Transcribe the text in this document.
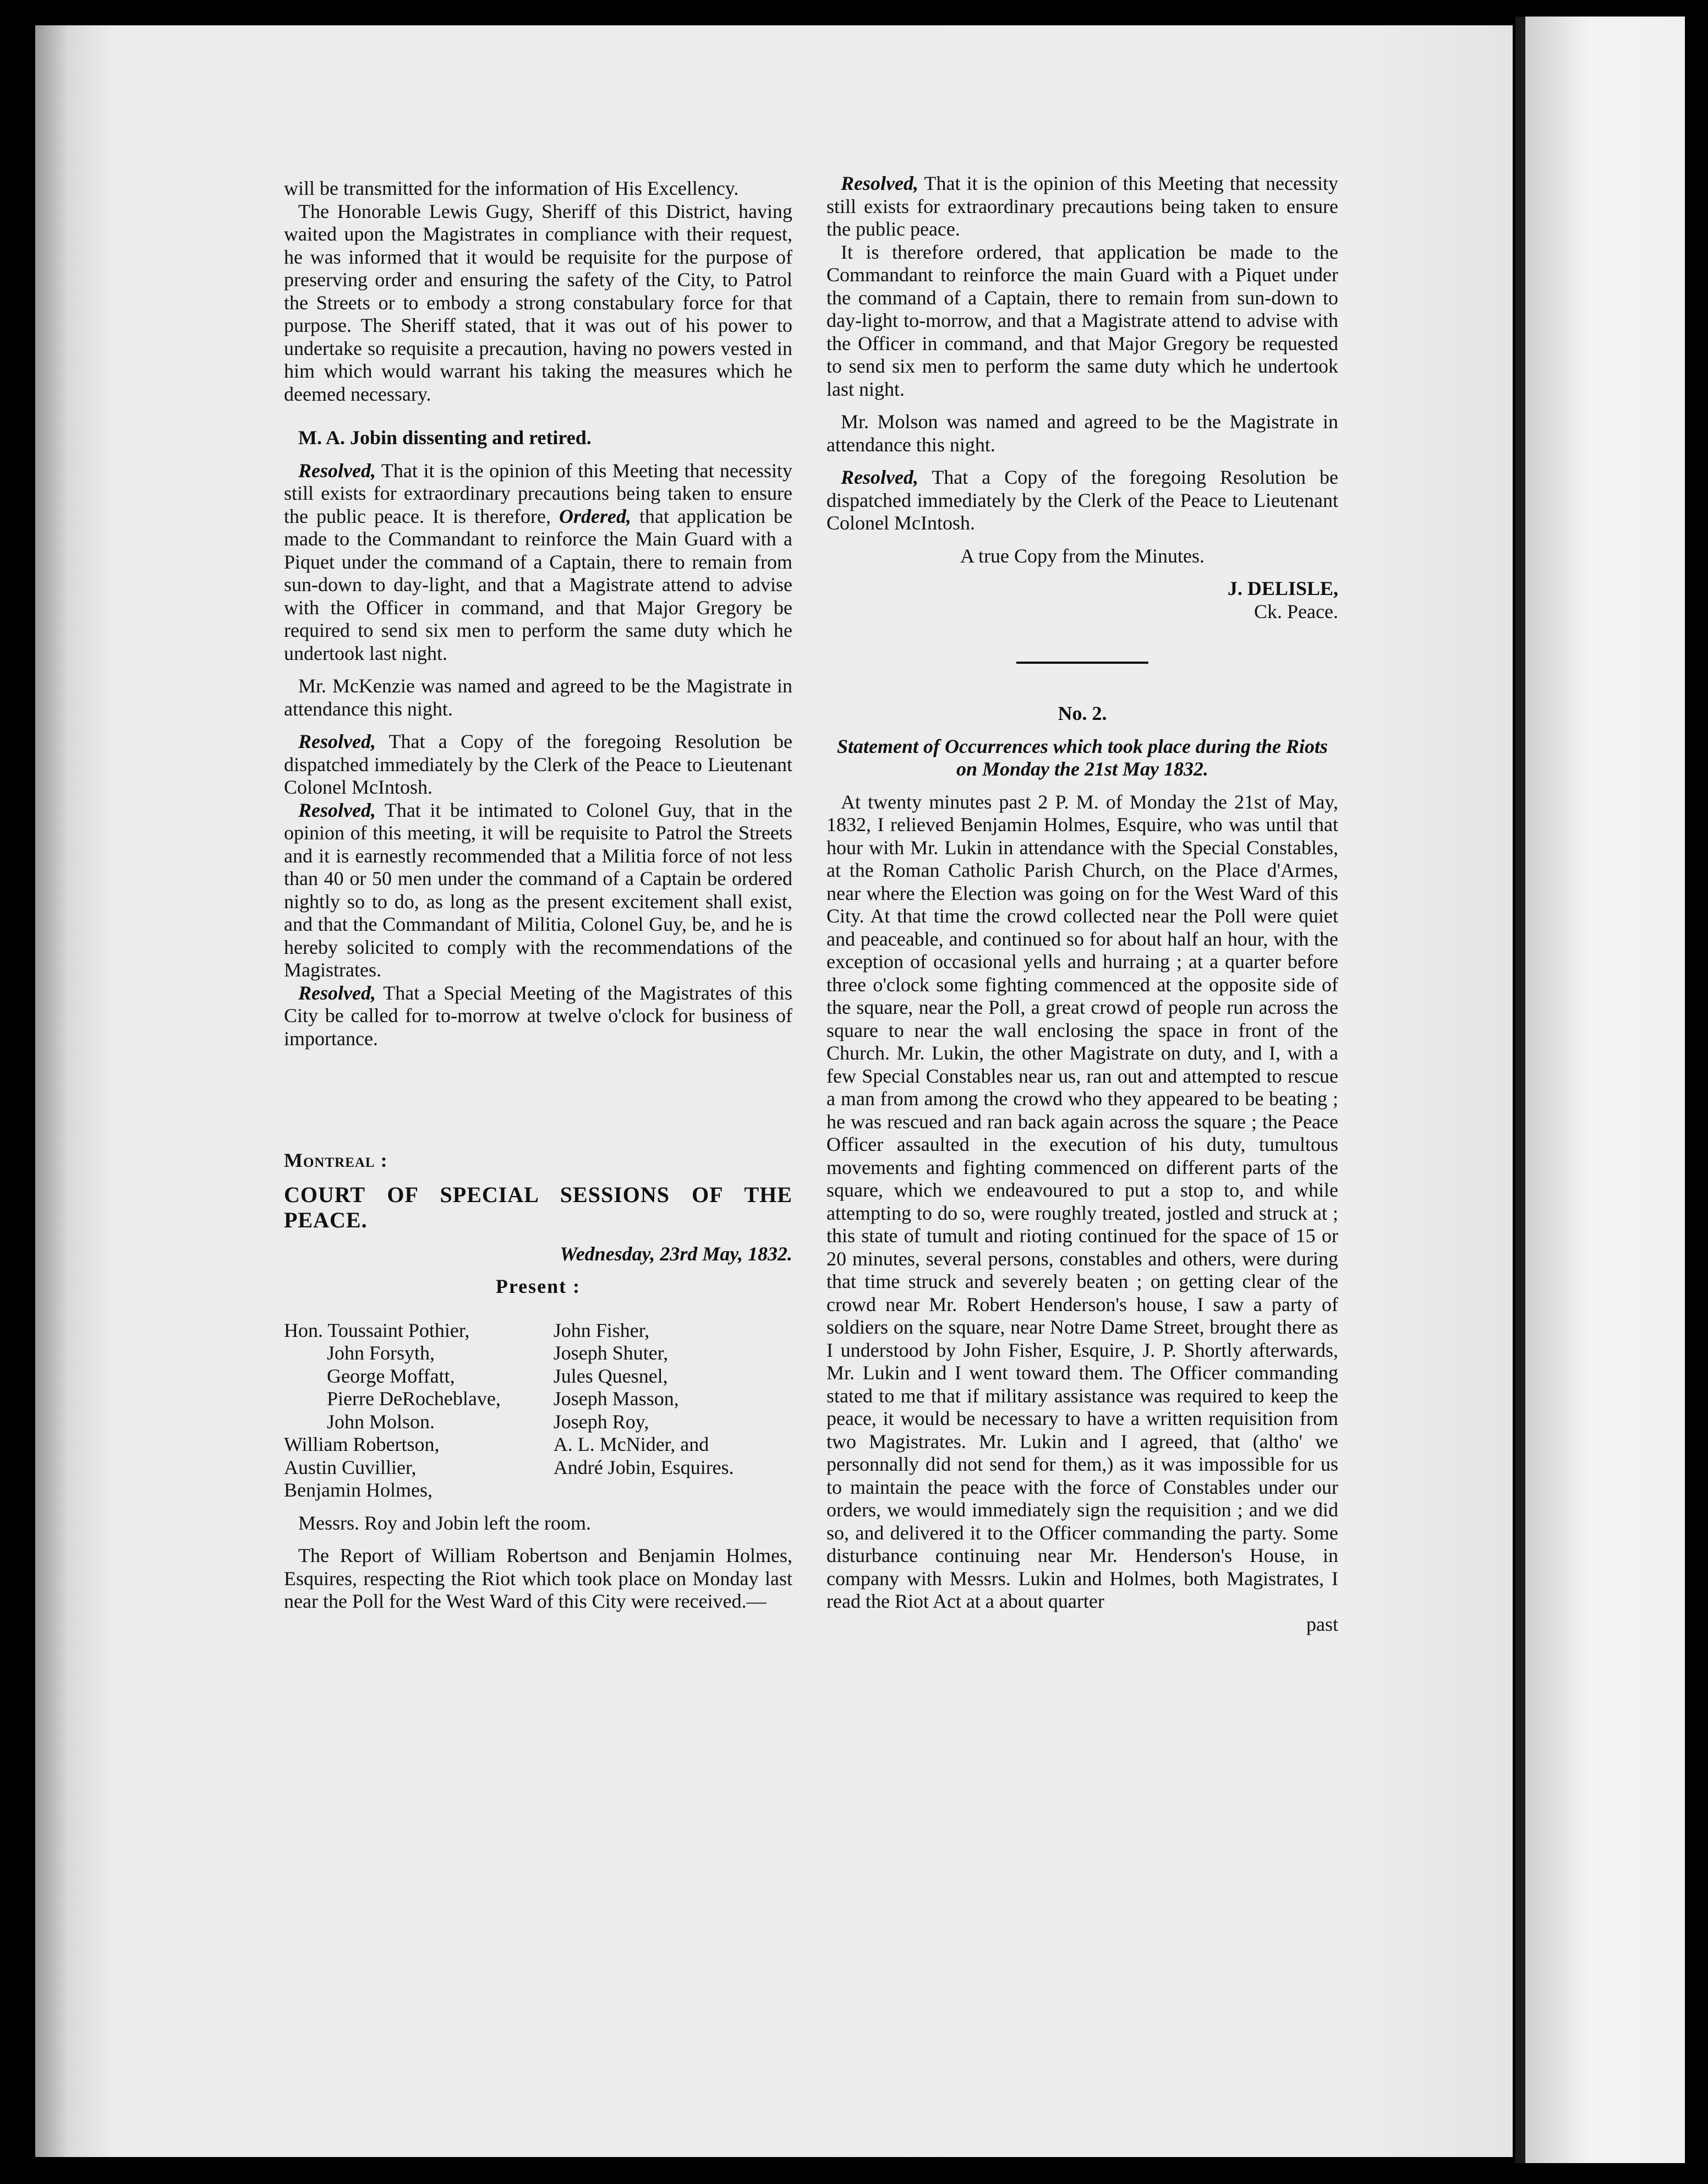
will be transmitted for the information of His Excellency.

The Honorable Lewis Gugy, Sheriff of this District, having waited upon the Magistrates in compliance with their request, he was informed that it would be requisite for the purpose of preserving order and ensuring the safety of the City, to Patrol the Streets or to embody a strong constabulary force for that purpose. The Sheriff stated, that it was out of his power to undertake so requisite a precaution, having no powers vested in him which would warrant his taking the measures which he deemed necessary.

M. A. Jobin dissenting and retired.

Resolved, That it is the opinion of this Meeting that necessity still exists for extraordinary precautions being taken to ensure the public peace. It is therefore, Ordered, that application be made to the Commandant to reinforce the Main Guard with a Piquet under the command of a Captain, there to remain from sun-down to day-light, and that a Magistrate attend to advise with the Officer in command, and that Major Gregory be required to send six men to perform the same duty which he undertook last night.

Mr. McKenzie was named and agreed to be the Magistrate in attendance this night.

Resolved, That a Copy of the foregoing Resolution be dispatched immediately by the Clerk of the Peace to Lieutenant Colonel McIntosh.

Resolved, That it be intimated to Colonel Guy, that in the opinion of this meeting, it will be requisite to Patrol the Streets and it is earnestly recommended that a Militia force of not less than 40 or 50 men under the command of a Captain be ordered nightly so to do, as long as the present excitement shall exist, and that the Commandant of Militia, Colonel Guy, be, and he is hereby solicited to comply with the recommendations of the Magistrates.

Resolved, That a Special Meeting of the Magistrates of this City be called for to-morrow at twelve o'clock for business of importance.

Montreal :

COURT OF SPECIAL SESSIONS OF THE PEACE.

Wednesday, 23rd May, 1832.

Present :

Hon. Toussaint Pothier,	John Fisher,
John Forsyth,	Joseph Shuter,
George Moffatt,	Jules Quesnel,
Pierre DeRocheblave,	Joseph Masson,
John Molson.	Joseph Roy,
William Robertson,	A. L. McNider, and
Austin Cuvillier,	André Jobin, Esquires.
Benjamin Holmes,

Messrs. Roy and Jobin left the room.

The Report of William Robertson and Benjamin Holmes, Esquires, respecting the Riot which took place on Monday last near the Poll for the West Ward of this City were received.—

Resolved, That it is the opinion of this Meeting that necessity still exists for extraordinary precautions being taken to ensure the public peace.

It is therefore ordered, that application be made to the Commandant to reinforce the main Guard with a Piquet under the command of a Captain, there to remain from sun-down to day-light to-morrow, and that a Magistrate attend to advise with the Officer in command, and that Major Gregory be requested to send six men to perform the same duty which he undertook last night.

Mr. Molson was named and agreed to be the Magistrate in attendance this night.

Resolved, That a Copy of the foregoing Resolution be dispatched immediately by the Clerk of the Peace to Lieutenant Colonel McIntosh.

A true Copy from the Minutes.

J. DELISLE,

Ck. Peace.

No. 2.

Statement of Occurrences which took place during the Riots on Monday the 21st May 1832.

At twenty minutes past 2 P. M. of Monday the 21st of May, 1832, I relieved Benjamin Holmes, Esquire, who was until that hour with Mr. Lukin in attendance with the Special Constables, at the Roman Catholic Parish Church, on the Place d'Armes, near where the Election was going on for the West Ward of this City. At that time the crowd collected near the Poll were quiet and peaceable, and continued so for about half an hour, with the exception of occasional yells and hurraing ; at a quarter before three o'clock some fighting commenced at the opposite side of the square, near the Poll, a great crowd of people run across the square to near the wall enclosing the space in front of the Church. Mr. Lukin, the other Magistrate on duty, and I, with a few Special Constables near us, ran out and attempted to rescue a man from among the crowd who they appeared to be beating ; he was rescued and ran back again across the square ; the Peace Officer assaulted in the execution of his duty, tumultous movements and fighting commenced on different parts of the square, which we endeavoured to put a stop to, and while attempting to do so, were roughly treated, jostled and struck at ; this state of tumult and rioting continued for the space of 15 or 20 minutes, several persons, constables and others, were during that time struck and severely beaten ; on getting clear of the crowd near Mr. Robert Henderson's house, I saw a party of soldiers on the square, near Notre Dame Street, brought there as I understood by John Fisher, Esquire, J. P. Shortly afterwards, Mr. Lukin and I went toward them. The Officer commanding stated to me that if military assistance was required to keep the peace, it would be necessary to have a written requisition from two Magistrates. Mr. Lukin and I agreed, that (altho' we personnally did not send for them,) as it was impossible for us to maintain the peace with the force of Constables under our orders, we would immediately sign the requisition ; and we did so, and delivered it to the Officer commanding the party. Some disturbance continuing near Mr. Henderson's House, in company with Messrs. Lukin and Holmes, both Magistrates, I read the Riot Act at a about quarter

past
